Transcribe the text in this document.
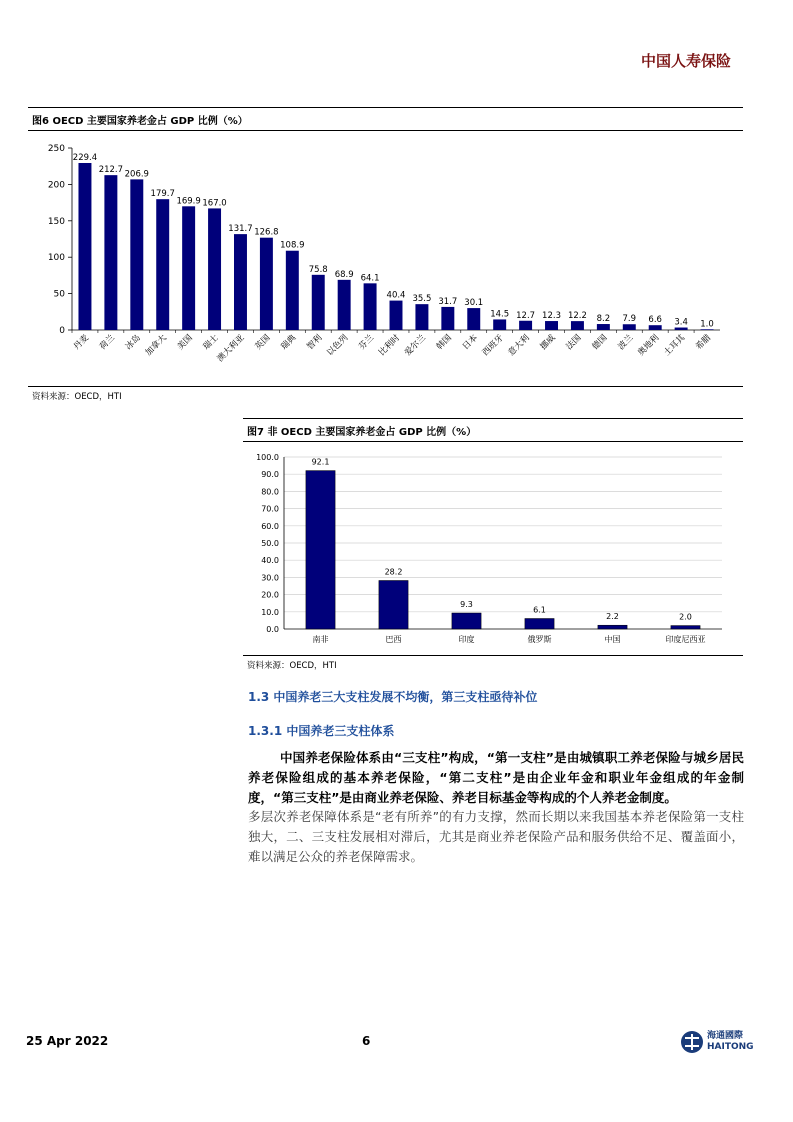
中国人寿保险
图6 OECD 主要国家养老金占 GDP 比例（%）
0
50
100
150
200
250
229.4
丹麦
212.7
荷兰
206.9
冰岛
179.7
加拿大
169.9
美国
167.0
瑞士
131.7
澳大利亚
126.8
英国
108.9
瑞典
75.8
智利
68.9
以色列
64.1
芬兰
40.4
比利时
35.5
爱尔兰
31.7
韩国
30.1
日本
14.5
西班牙
12.7
意大利
12.3
挪威
12.2
法国
8.2
德国
7.9
波兰
6.6
奥地利
3.4
土耳其
1.0
希腊
资料来源：OECD，HTI
图7 非 OECD 主要国家养老金占 GDP 比例（%）
0.0
10.0
20.0
30.0
40.0
50.0
60.0
70.0
80.0
90.0
100.0
92.1
南非
28.2
巴西
9.3
印度
6.1
俄罗斯
2.2
中国
2.0
印度尼西亚
资料来源：OECD，HTI
1.3 中国养老三大支柱发展不均衡，第三支柱亟待补位
1.3.1 中国养老三支柱体系
中国养老保险体系由“三支柱”构成，“第一支柱”是由城镇职工养老保险与城乡居民养老保险组成的基本养老保险，“第二支柱”是由企业年金和职业年金组成的年金制度，“第三支柱”是由商业养老保险、养老目标基金等构成的个人养老金制度。
多层次养老保障体系是“老有所养”的有力支撑，然而长期以来我国基本养老保险第一支柱独大，二、三支柱发展相对滞后，尤其是商业养老保险产品和服务供给不足、覆盖面小，难以满足公众的养老保障需求。
25 Apr 2022	6	海通國際
HAITONG
